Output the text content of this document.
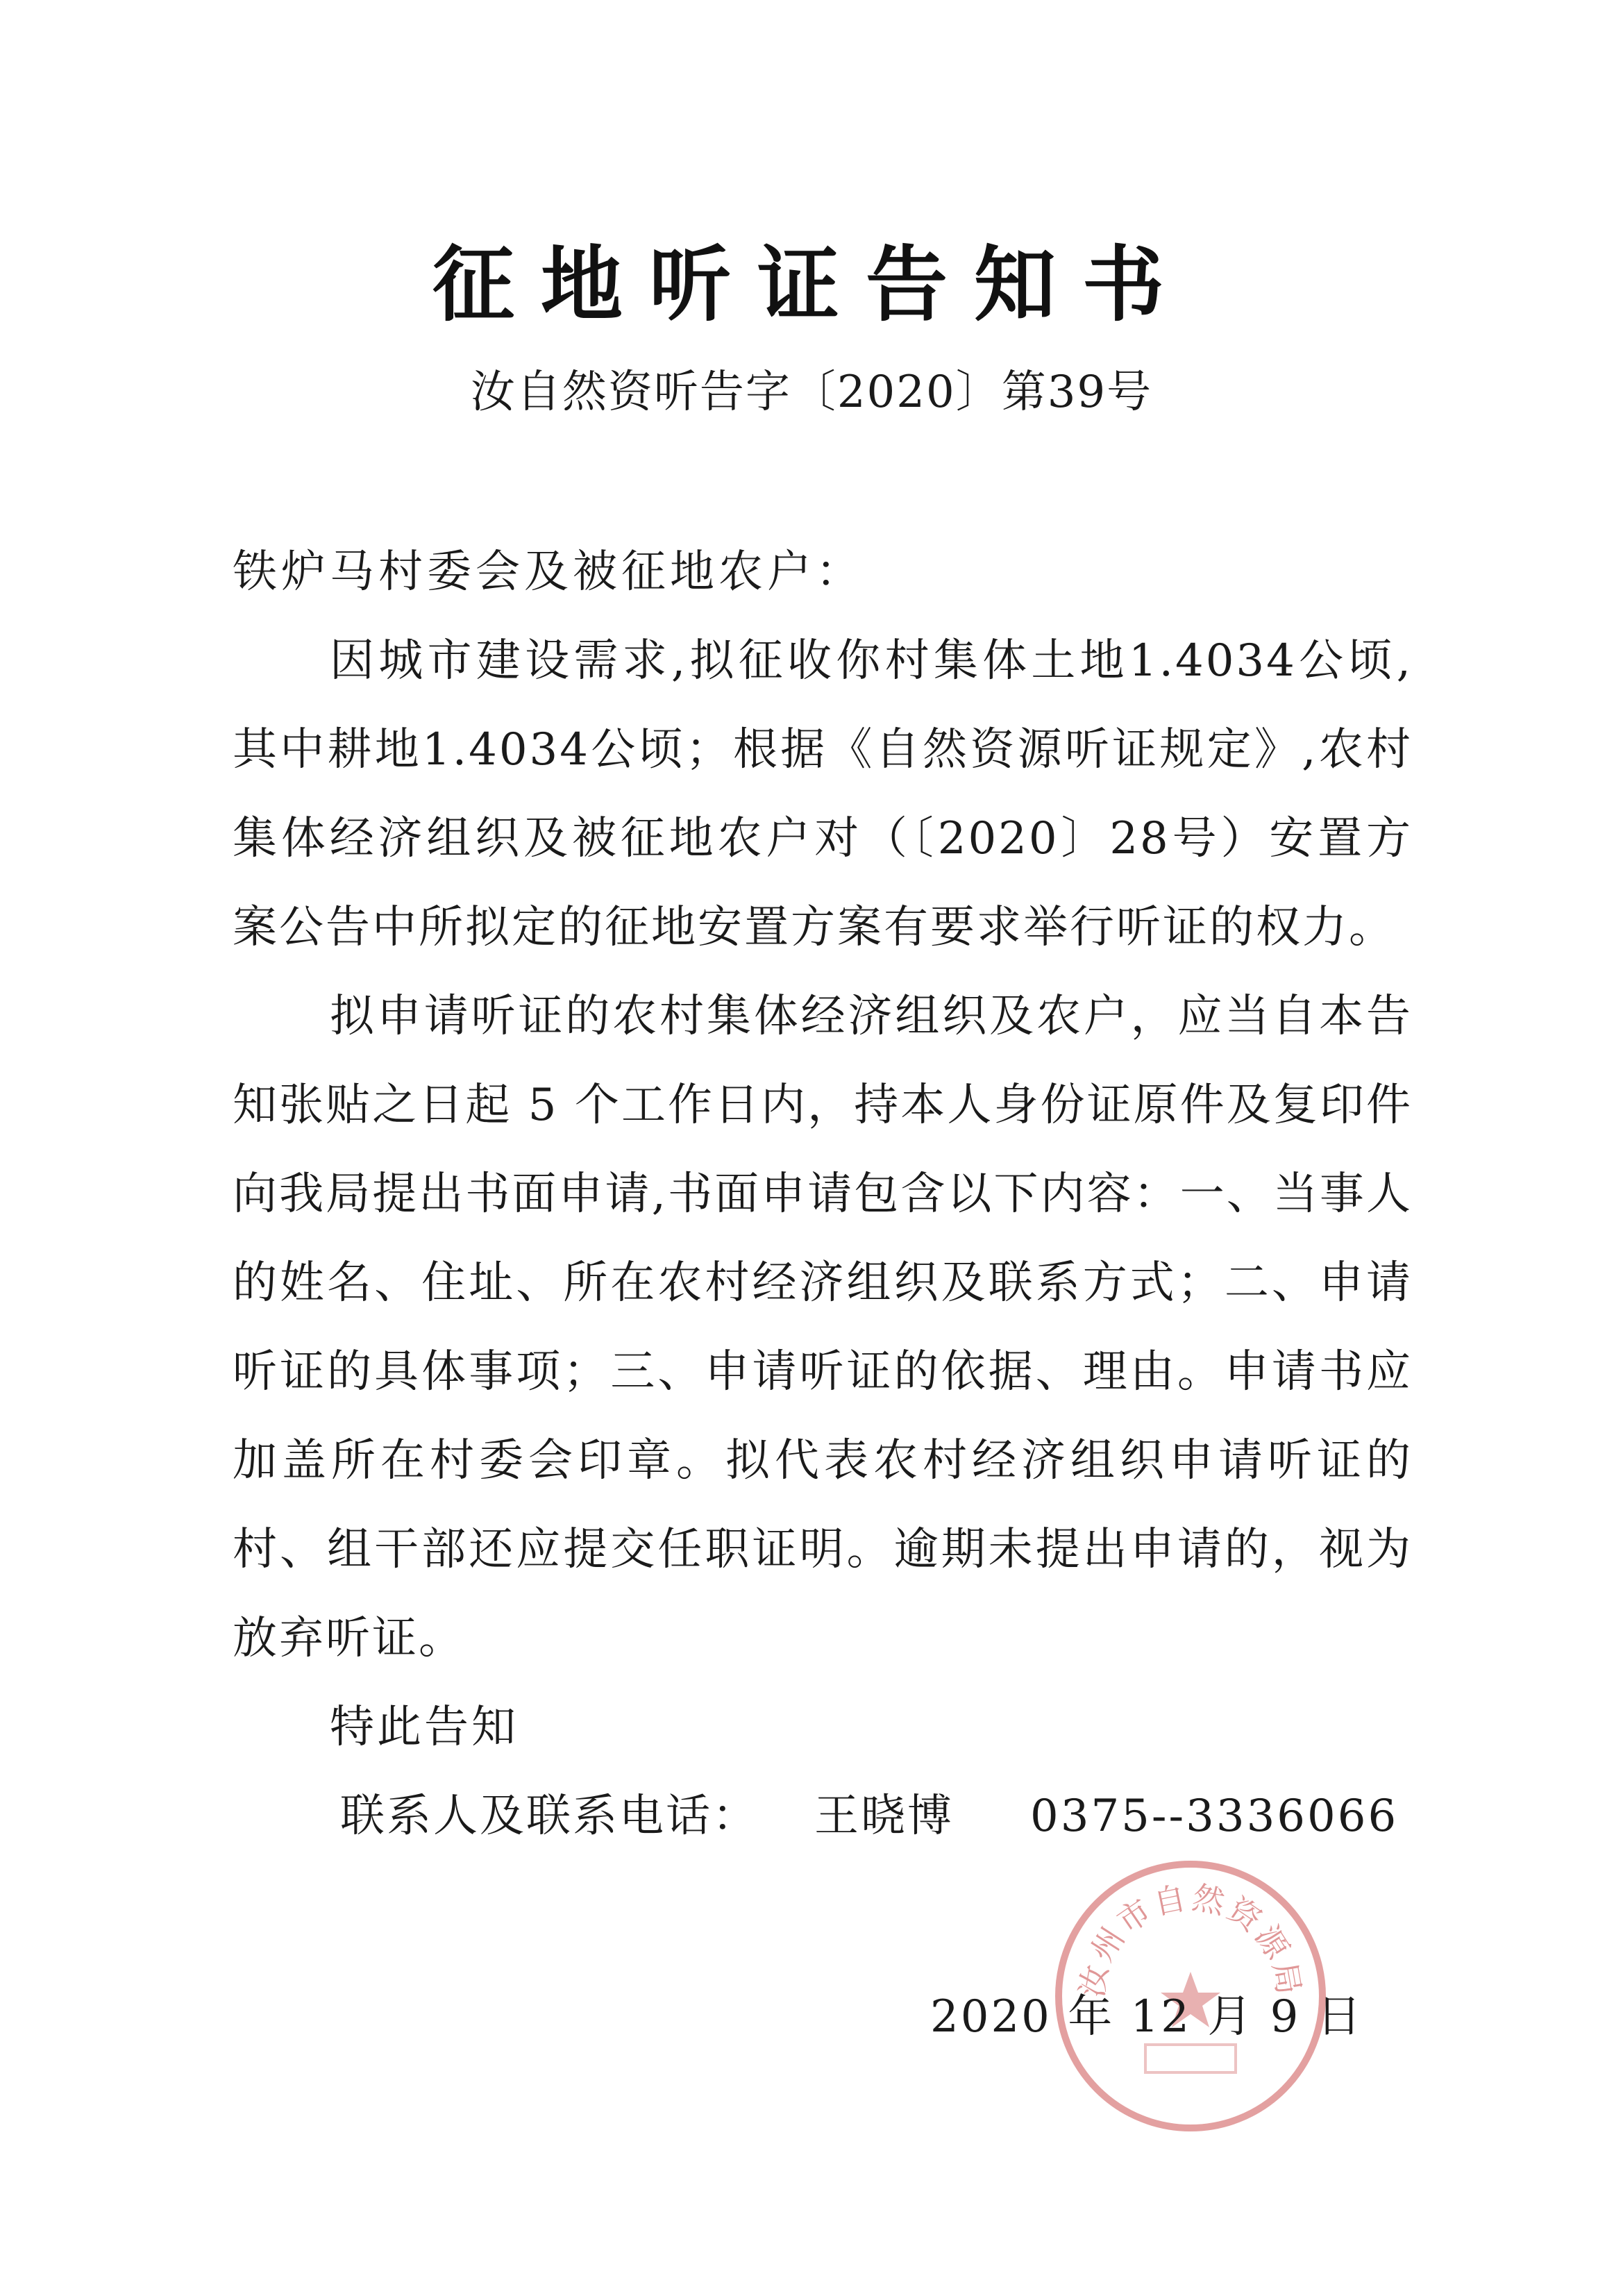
征地听证告知书
汝自然资听告字〔2020〕第39号

铁炉马村委会及被征地农户：

因城市建设需求,拟征收你村集体土地1.4034公顷,其中耕地1.4034公顷；根据《自然资源听证规定》,农村集体经济组织及被征地农户对（〔2020〕28号）安置方案公告中所拟定的征地安置方案有要求举行听证的权力。

拟申请听证的农村集体经济组织及农户，应当自本告知张贴之日起 5 个工作日内，持本人身份证原件及复印件向我局提出书面申请,书面申请包含以下内容：一、当事人的姓名、住址、所在农村经济组织及联系方式；二、申请听证的具体事项；三、申请听证的依据、理由。申请书应加盖所在村委会印章。拟代表农村经济组织申请听证的村、组干部还应提交任职证明。逾期未提出申请的，视为放弃听证。

特此告知

联系人及联系电话： 王晓博 0375--3336066

汝州市自然资源局
2020 年 12 月 9 日
